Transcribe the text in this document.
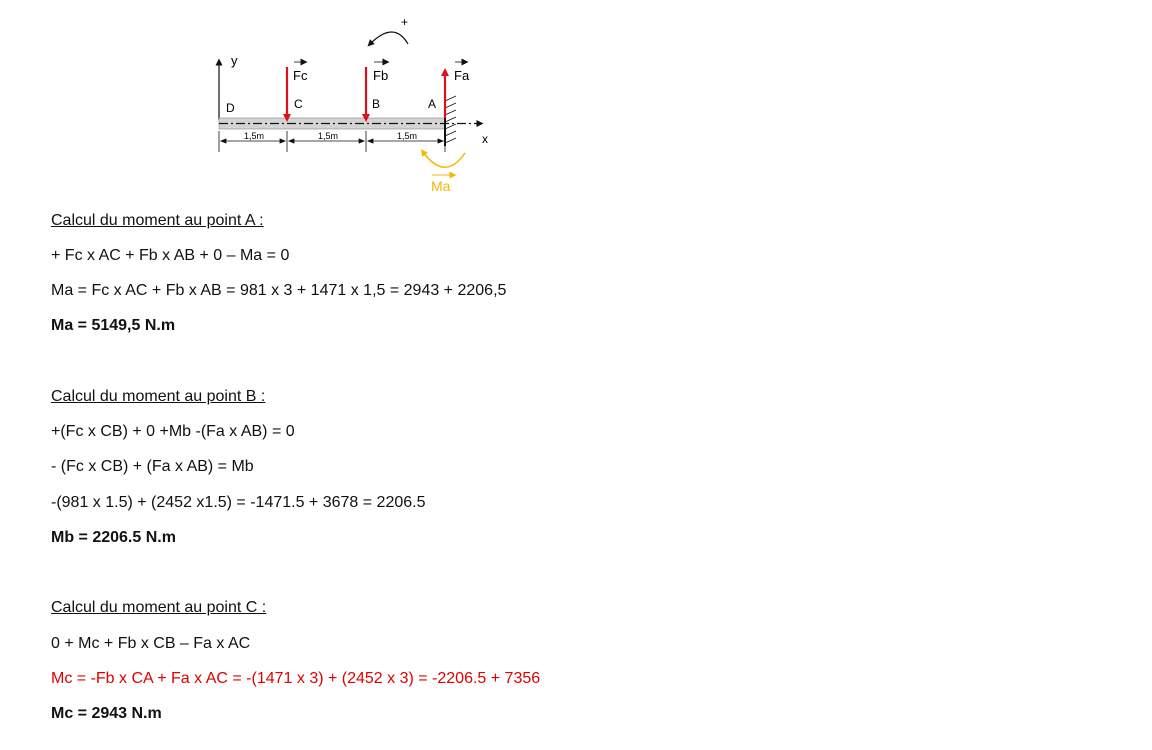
y
x
D	C	B	A
Fc	Fb	Fa
1,5m	1,5m	1,5m
+
Ma
Calcul du moment au point A :
+ Fc x AC + Fb x AB + 0 – Ma = 0
Ma = Fc x AC + Fb x AB = 981 x 3 + 1471 x 1,5 = 2943 + 2206,5
Ma = 5149,5 N.m
Calcul du moment au point B :
+(Fc x CB) + 0 +Mb -(Fa x AB) = 0
- (Fc x CB) + (Fa x AB) = Mb
-(981 x 1.5) + (2452 x1.5) = -1471.5 + 3678 = 2206.5
Mb = 2206.5 N.m
Calcul du moment au point C :
0 + Mc + Fb x CB – Fa x AC
Mc = -Fb x CA + Fa x AC = -(1471 x 3) + (2452 x 3) = -2206.5 + 7356
Mc = 2943 N.m
